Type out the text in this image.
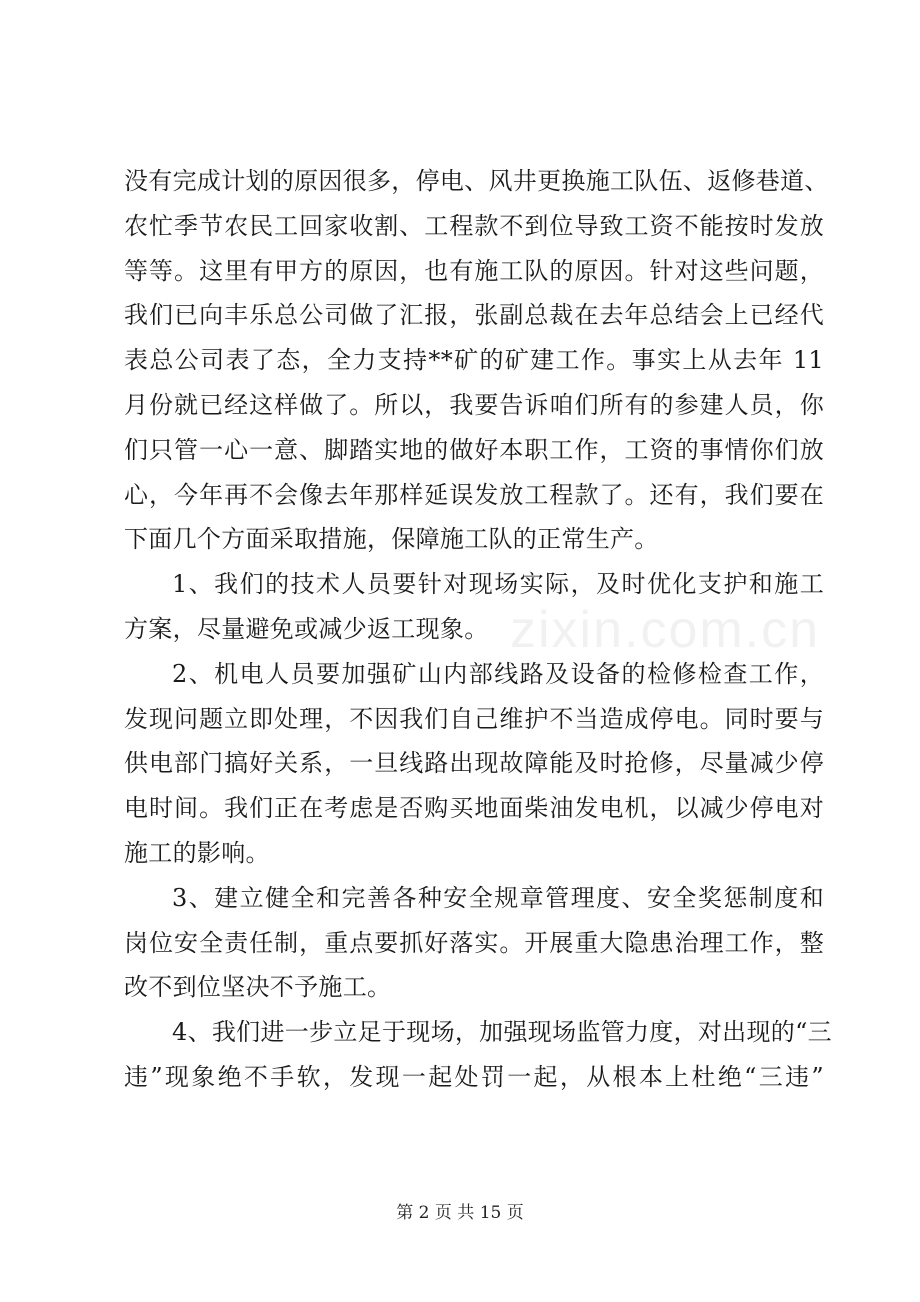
没有完成计划的原因很多，停电、风井更换施工队伍、返修巷道、
农忙季节农民工回家收割、工程款不到位导致工资不能按时发放
等等。这里有甲方的原因，也有施工队的原因。针对这些问题，
我们已向丰乐总公司做了汇报，张副总裁在去年总结会上已经代
表总公司表了态，全力支持**矿的矿建工作。事实上从去年 11
月份就已经这样做了。所以，我要告诉咱们所有的参建人员，你
们只管一心一意、脚踏实地的做好本职工作，工资的事情你们放
心，今年再不会像去年那样延误发放工程款了。还有，我们要在
下面几个方面采取措施，保障施工队的正常生产。
1、我们的技术人员要针对现场实际，及时优化支护和施工
方案，尽量避免或减少返工现象。
2、机电人员要加强矿山内部线路及设备的检修检查工作，
发现问题立即处理，不因我们自己维护不当造成停电。同时要与
供电部门搞好关系，一旦线路出现故障能及时抢修，尽量减少停
电时间。我们正在考虑是否购买地面柴油发电机，以减少停电对
施工的影响。
3、建立健全和完善各种安全规章管理度、安全奖惩制度和
岗位安全责任制，重点要抓好落实。开展重大隐患治理工作，整
改不到位坚决不予施工。
4、我们进一步立足于现场，加强现场监管力度，对出现的“三
违”现象绝不手软，发现一起处罚一起，从根本上杜绝“三违”
zixin.com.cn
第 2 页 共 15 页
